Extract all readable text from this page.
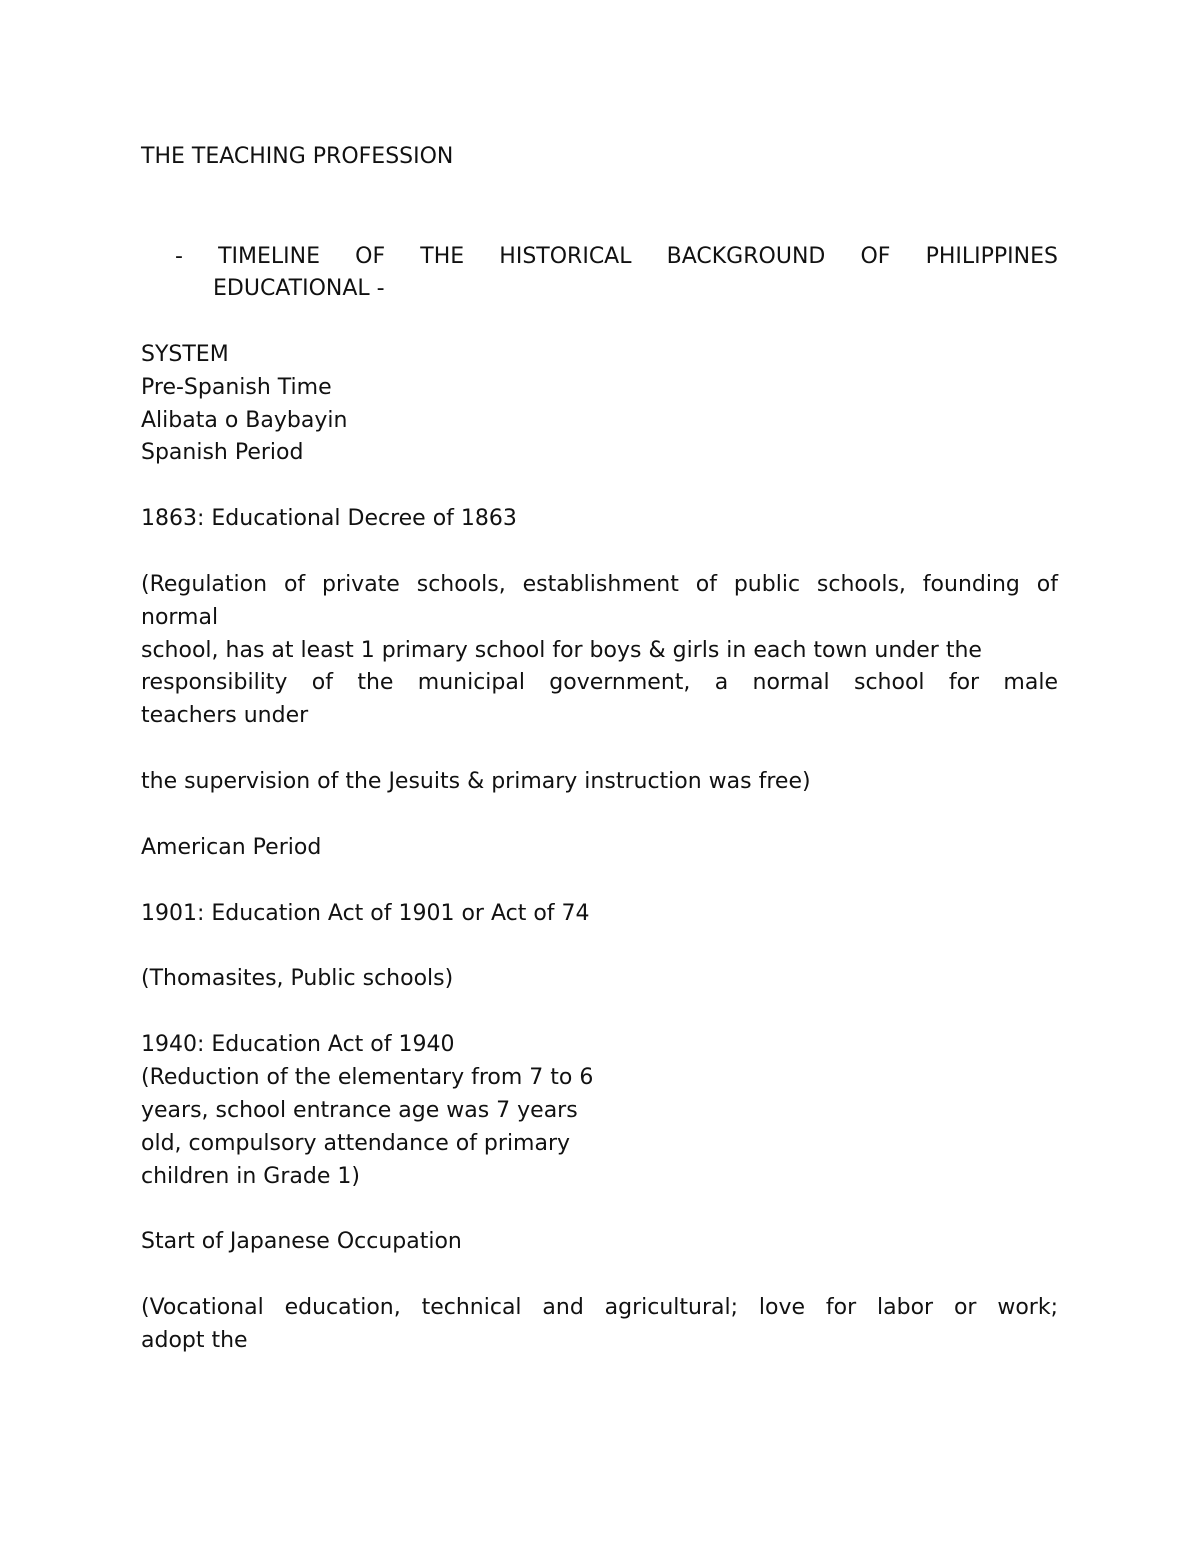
THE TEACHING PROFESSION
- TIMELINE OF THE HISTORICAL BACKGROUND OF PHILIPPINES
EDUCATIONAL -
SYSTEM
Pre-Spanish Time
Alibata o Baybayin
Spanish Period
1863: Educational Decree of 1863
(Regulation of private schools, establishment of public schools, founding of
normal
school, has at least 1 primary school for boys & girls in each town under the
responsibility of the municipal government, a normal school for male
teachers under
the supervision of the Jesuits & primary instruction was free)
American Period
1901: Education Act of 1901 or Act of 74
(Thomasites, Public schools)
1940: Education Act of 1940
(Reduction of the elementary from 7 to 6
years, school entrance age was 7 years
old, compulsory attendance of primary
children in Grade 1)
Start of Japanese Occupation
(Vocational education, technical and agricultural; love for labor or work;
adopt the
